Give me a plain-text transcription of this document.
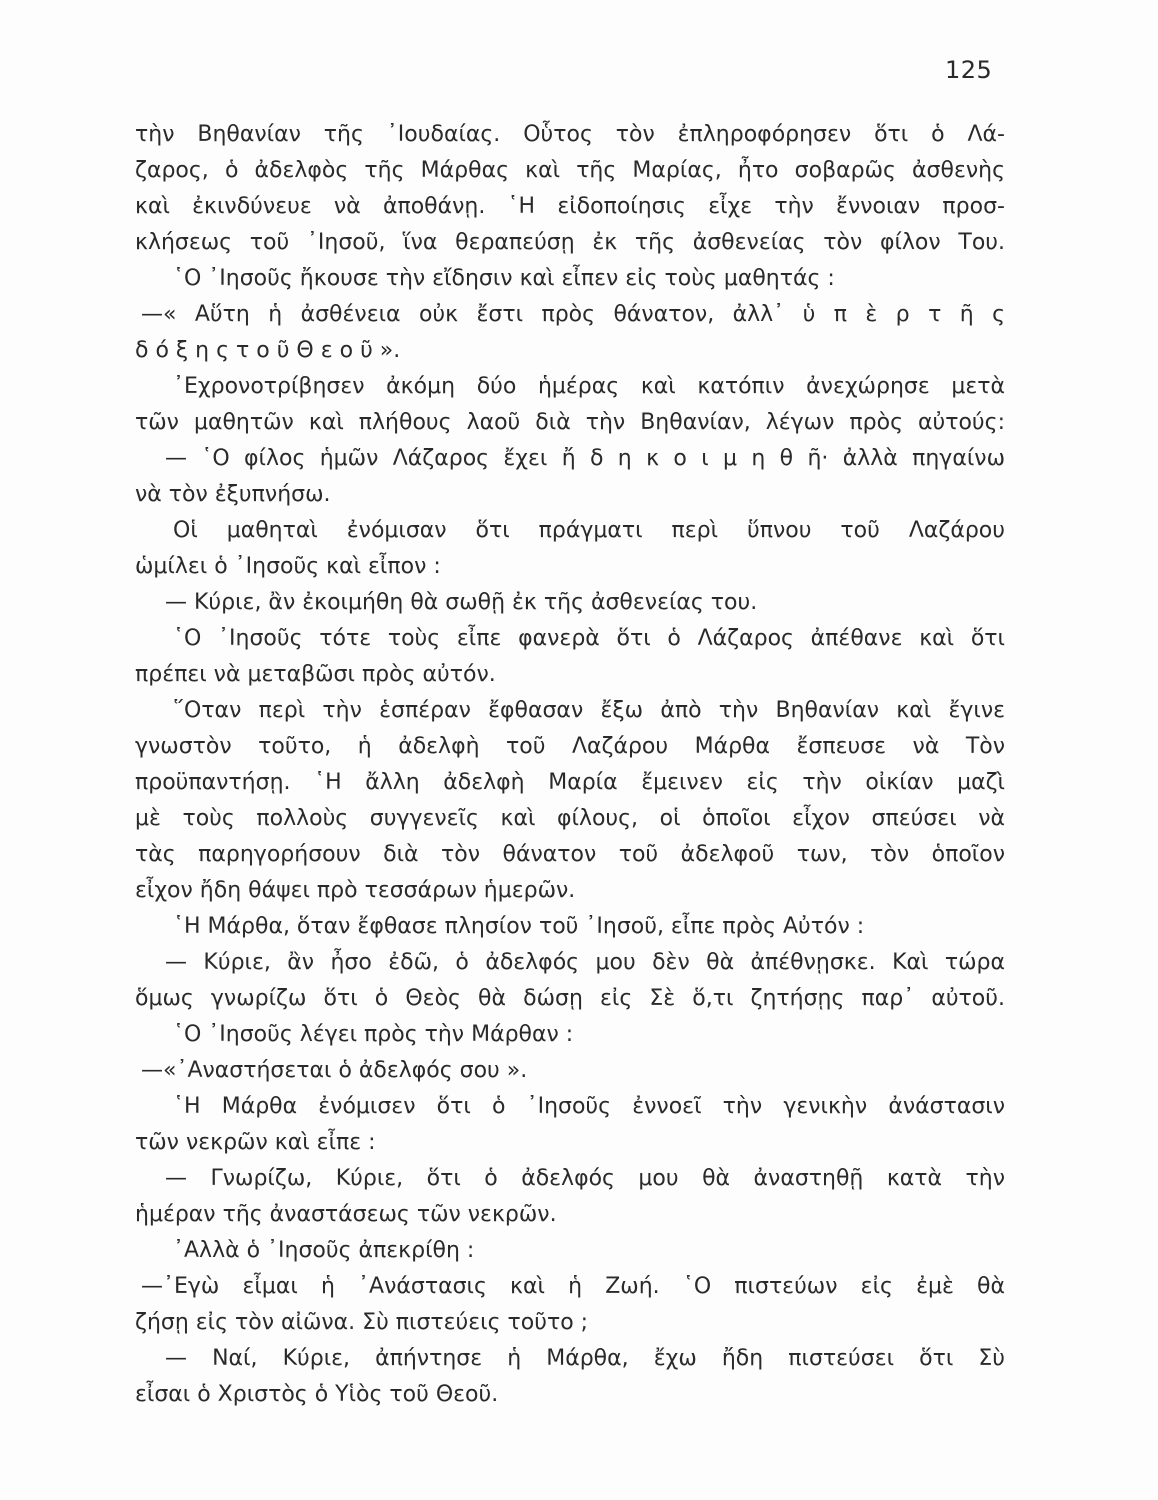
125
τὴν Βηθανίαν τῆς ᾿Ιουδαίας. Οὗτος τὸν ἐπληροφόρησεν ὅτι ὁ Λά-
ζαρος, ὁ ἀδελφὸς τῆς Μάρθας καὶ τῆς Μαρίας, ἦτο σοβαρῶς ἀσθενὴς
καὶ ἐκινδύνευε νὰ ἀποθάνῃ. ῾Η εἰδοποίησις εἶχε τὴν ἔννοιαν προσ-
κλήσεως τοῦ ᾿Ιησοῦ, ἵνα θεραπεύσῃ ἐκ τῆς ἀσθενείας τὸν φίλον Του.
῾Ο ᾿Ιησοῦς ἤκουσε τὴν εἴδησιν καὶ εἶπεν εἰς τοὺς μαθητάς :
—« Αὕτη ἡ ἀσθένεια οὐκ ἔστι πρὸς θάνατον, ἀλλ᾿ ὑ π ὲ ρ τ ῆ ς
δ ό ξ η ς τ ο ῦ Θ ε ο ῦ ».
᾿Εχρονοτρίβησεν ἀκόμη δύο ἡμέρας καὶ κατόπιν ἀνεχώρησε μετὰ
τῶν μαθητῶν καὶ πλήθους λαοῦ διὰ τὴν Βηθανίαν, λέγων πρὸς αὐτούς:
— ῾Ο φίλος ἡμῶν Λάζαρος ἔχει ἤ δ η κ ο ι μ η θ ῆ· ἀλλὰ πηγαίνω
νὰ τὸν ἐξυπνήσω.
Οἱ μαθηταὶ ἐνόμισαν ὅτι πράγματι περὶ ὕπνου τοῦ Λαζάρου
ὡμίλει ὁ ᾿Ιησοῦς καὶ εἶπον :
— Κύριε, ἂν ἐκοιμήθη θὰ σωθῇ ἐκ τῆς ἀσθενείας του.
῾Ο ᾿Ιησοῦς τότε τοὺς εἶπε φανερὰ ὅτι ὁ Λάζαρος ἀπέθανε καὶ ὅτι
πρέπει νὰ μεταβῶσι πρὸς αὐτόν.
῞Οταν περὶ τὴν ἑσπέραν ἔφθασαν ἔξω ἀπὸ τὴν Βηθανίαν καὶ ἔγινε
γνωστὸν τοῦτο, ἡ ἀδελφὴ τοῦ Λαζάρου Μάρθα ἔσπευσε νὰ Τὸν
προϋπαντήσῃ. ῾Η ἄλλη ἀδελφὴ Μαρία ἔμεινεν εἰς τὴν οἰκίαν μαζὶ
μὲ τοὺς πολλοὺς συγγενεῖς καὶ φίλους, οἱ ὁποῖοι εἶχον σπεύσει νὰ
τὰς παρηγορήσουν διὰ τὸν θάνατον τοῦ ἀδελφοῦ των, τὸν ὁποῖον
εἶχον ἤδη θάψει πρὸ τεσσάρων ἡμερῶν.
῾Η Μάρθα, ὅταν ἔφθασε πλησίον τοῦ ᾿Ιησοῦ, εἶπε πρὸς Αὐτόν :
— Κύριε, ἂν ἦσο ἐδῶ, ὁ ἀδελφός μου δὲν θὰ ἀπέθνῃσκε. Καὶ τώρα
ὅμως γνωρίζω ὅτι ὁ Θεὸς θὰ δώσῃ εἰς Σὲ ὅ,τι ζητήσῃς παρ᾿ αὐτοῦ.
῾Ο ᾿Ιησοῦς λέγει πρὸς τὴν Μάρθαν :
—«᾿Αναστήσεται ὁ ἀδελφός σου ».
῾Η Μάρθα ἐνόμισεν ὅτι ὁ ᾿Ιησοῦς ἐννοεῖ τὴν γενικὴν ἀνάστασιν
τῶν νεκρῶν καὶ εἶπε :
— Γνωρίζω, Κύριε, ὅτι ὁ ἀδελφός μου θὰ ἀναστηθῇ κατὰ τὴν
ἡμέραν τῆς ἀναστάσεως τῶν νεκρῶν.
᾿Αλλὰ ὁ ᾿Ιησοῦς ἀπεκρίθη :
—᾿Εγὼ εἶμαι ἡ ᾿Ανάστασις καὶ ἡ Ζωή. ῾Ο πιστεύων εἰς ἐμὲ θὰ
ζήσῃ εἰς τὸν αἰῶνα. Σὺ πιστεύεις τοῦτο ;
— Ναί, Κύριε, ἀπήντησε ἡ Μάρθα, ἔχω ἤδη πιστεύσει ὅτι Σὺ
εἶσαι ὁ Χριστὸς ὁ Υἱὸς τοῦ Θεοῦ.
